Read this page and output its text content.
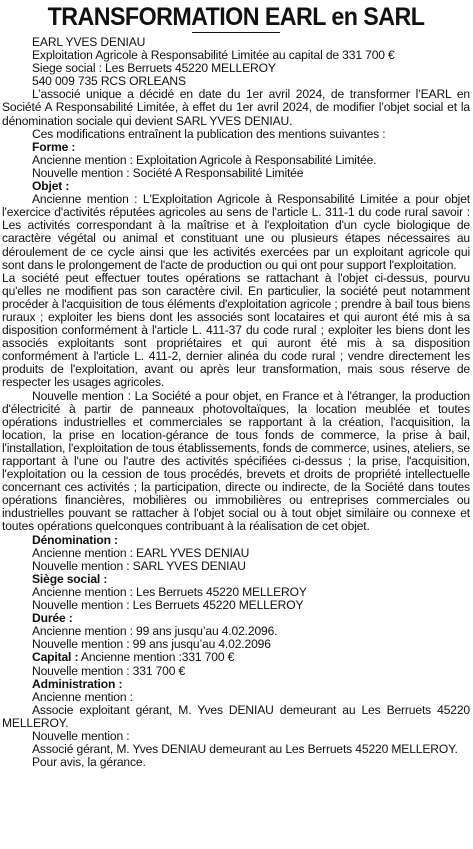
TRANSFORMATION EARL en SARL

EARL YVES DENIAU

Exploitation Agricole à Responsabilité Limitée au capital de 331 700 €

Siege social : Les Berruets 45220 MELLEROY

540 009 735 RCS ORLEANS

L’associé unique a décidé en date du 1er avril 2024, de transformer l’EARL en Société A Responsabilité Limitée, à effet du 1er avril 2024, de modifier l’objet social et la dénomination sociale qui devient SARL YVES DENIAU.

Ces modifications entraînent la publication des mentions suivantes :

Forme :

Ancienne mention : Exploitation Agricole à Responsabilité Limitée.

Nouvelle mention : Société A Responsabilité Limitée

Objet :

Ancienne mention : L'Exploitation Agricole à Responsabilité Limitée a pour objet l'exercice d'activités réputées agricoles au sens de l'article L. 311-1 du code rural savoir : Les activités correspondant à la maîtrise et à l'exploitation d'un cycle biologique de caractère végétal ou animal et constituant une ou plusieurs étapes nécessaires au déroulement de ce cycle ainsi que les activités exercées par un exploitant agricole qui sont dans le prolongement de l'acte de production ou qui ont pour support l'exploitation.

La société peut effectuer toutes opérations se rattachant à l'objet ci-dessus, pourvu qu'elles ne modifient pas son caractère civil. En particulier, la société peut notamment procéder à l'acquisition de tous éléments d'exploitation agricole ; prendre à bail tous biens ruraux ; exploiter les biens dont les associés sont locataires et qui auront été mis à sa disposition conformément à l'article L. 411-37 du code rural ; exploiter les biens dont les associés exploitants sont propriétaires et qui auront été mis à sa disposition conformément à l'article L. 411-2, dernier alinéa du code rural ; vendre directement les produits de l'exploitation, avant ou après leur transformation, mais sous réserve de respecter les usages agricoles.

Nouvelle mention : La Société a pour objet, en France et à l'étranger, la production d'électricité à partir de panneaux photovoltaïques, la location meublée et toutes opérations industrielles et commerciales se rapportant à la création, l'acquisition, la location, la prise en location-gérance de tous fonds de commerce, la prise à bail, l'installation, l'exploitation de tous établissements, fonds de commerce, usines, ateliers, se rapportant à l'une ou l'autre des activités spécifiées ci-dessus ; la prise, l'acquisition, l'exploitation ou la cession de tous procédés, brevets et droits de propriété intellectuelle concernant ces activités ; la participation, directe ou indirecte, de la Société dans toutes opérations financières, mobilières ou immobilières ou entreprises commerciales ou industrielles pouvant se rattacher à l'objet social ou à tout objet similaire ou connexe et toutes opérations quelconques contribuant à la réalisation de cet objet.

Dénomination :

Ancienne mention : EARL YVES DENIAU

Nouvelle mention : SARL YVES DENIAU

Siège social :

Ancienne mention : Les Berruets 45220 MELLEROY

Nouvelle mention : Les Berruets 45220 MELLEROY

Durée :

Ancienne mention : 99 ans jusqu’au 4.02.2096.

Nouvelle mention : 99 ans jusqu’au 4.02.2096

Capital : Ancienne mention :331 700 €

Nouvelle mention : 331 700 €

Administration :

Ancienne mention :

Associe exploitant gérant, M. Yves DENIAU demeurant au Les Berruets 45220 MELLEROY.

Nouvelle mention :

Associé gérant, M. Yves DENIAU demeurant au Les Berruets 45220 MELLEROY.

Pour avis, la gérance.
